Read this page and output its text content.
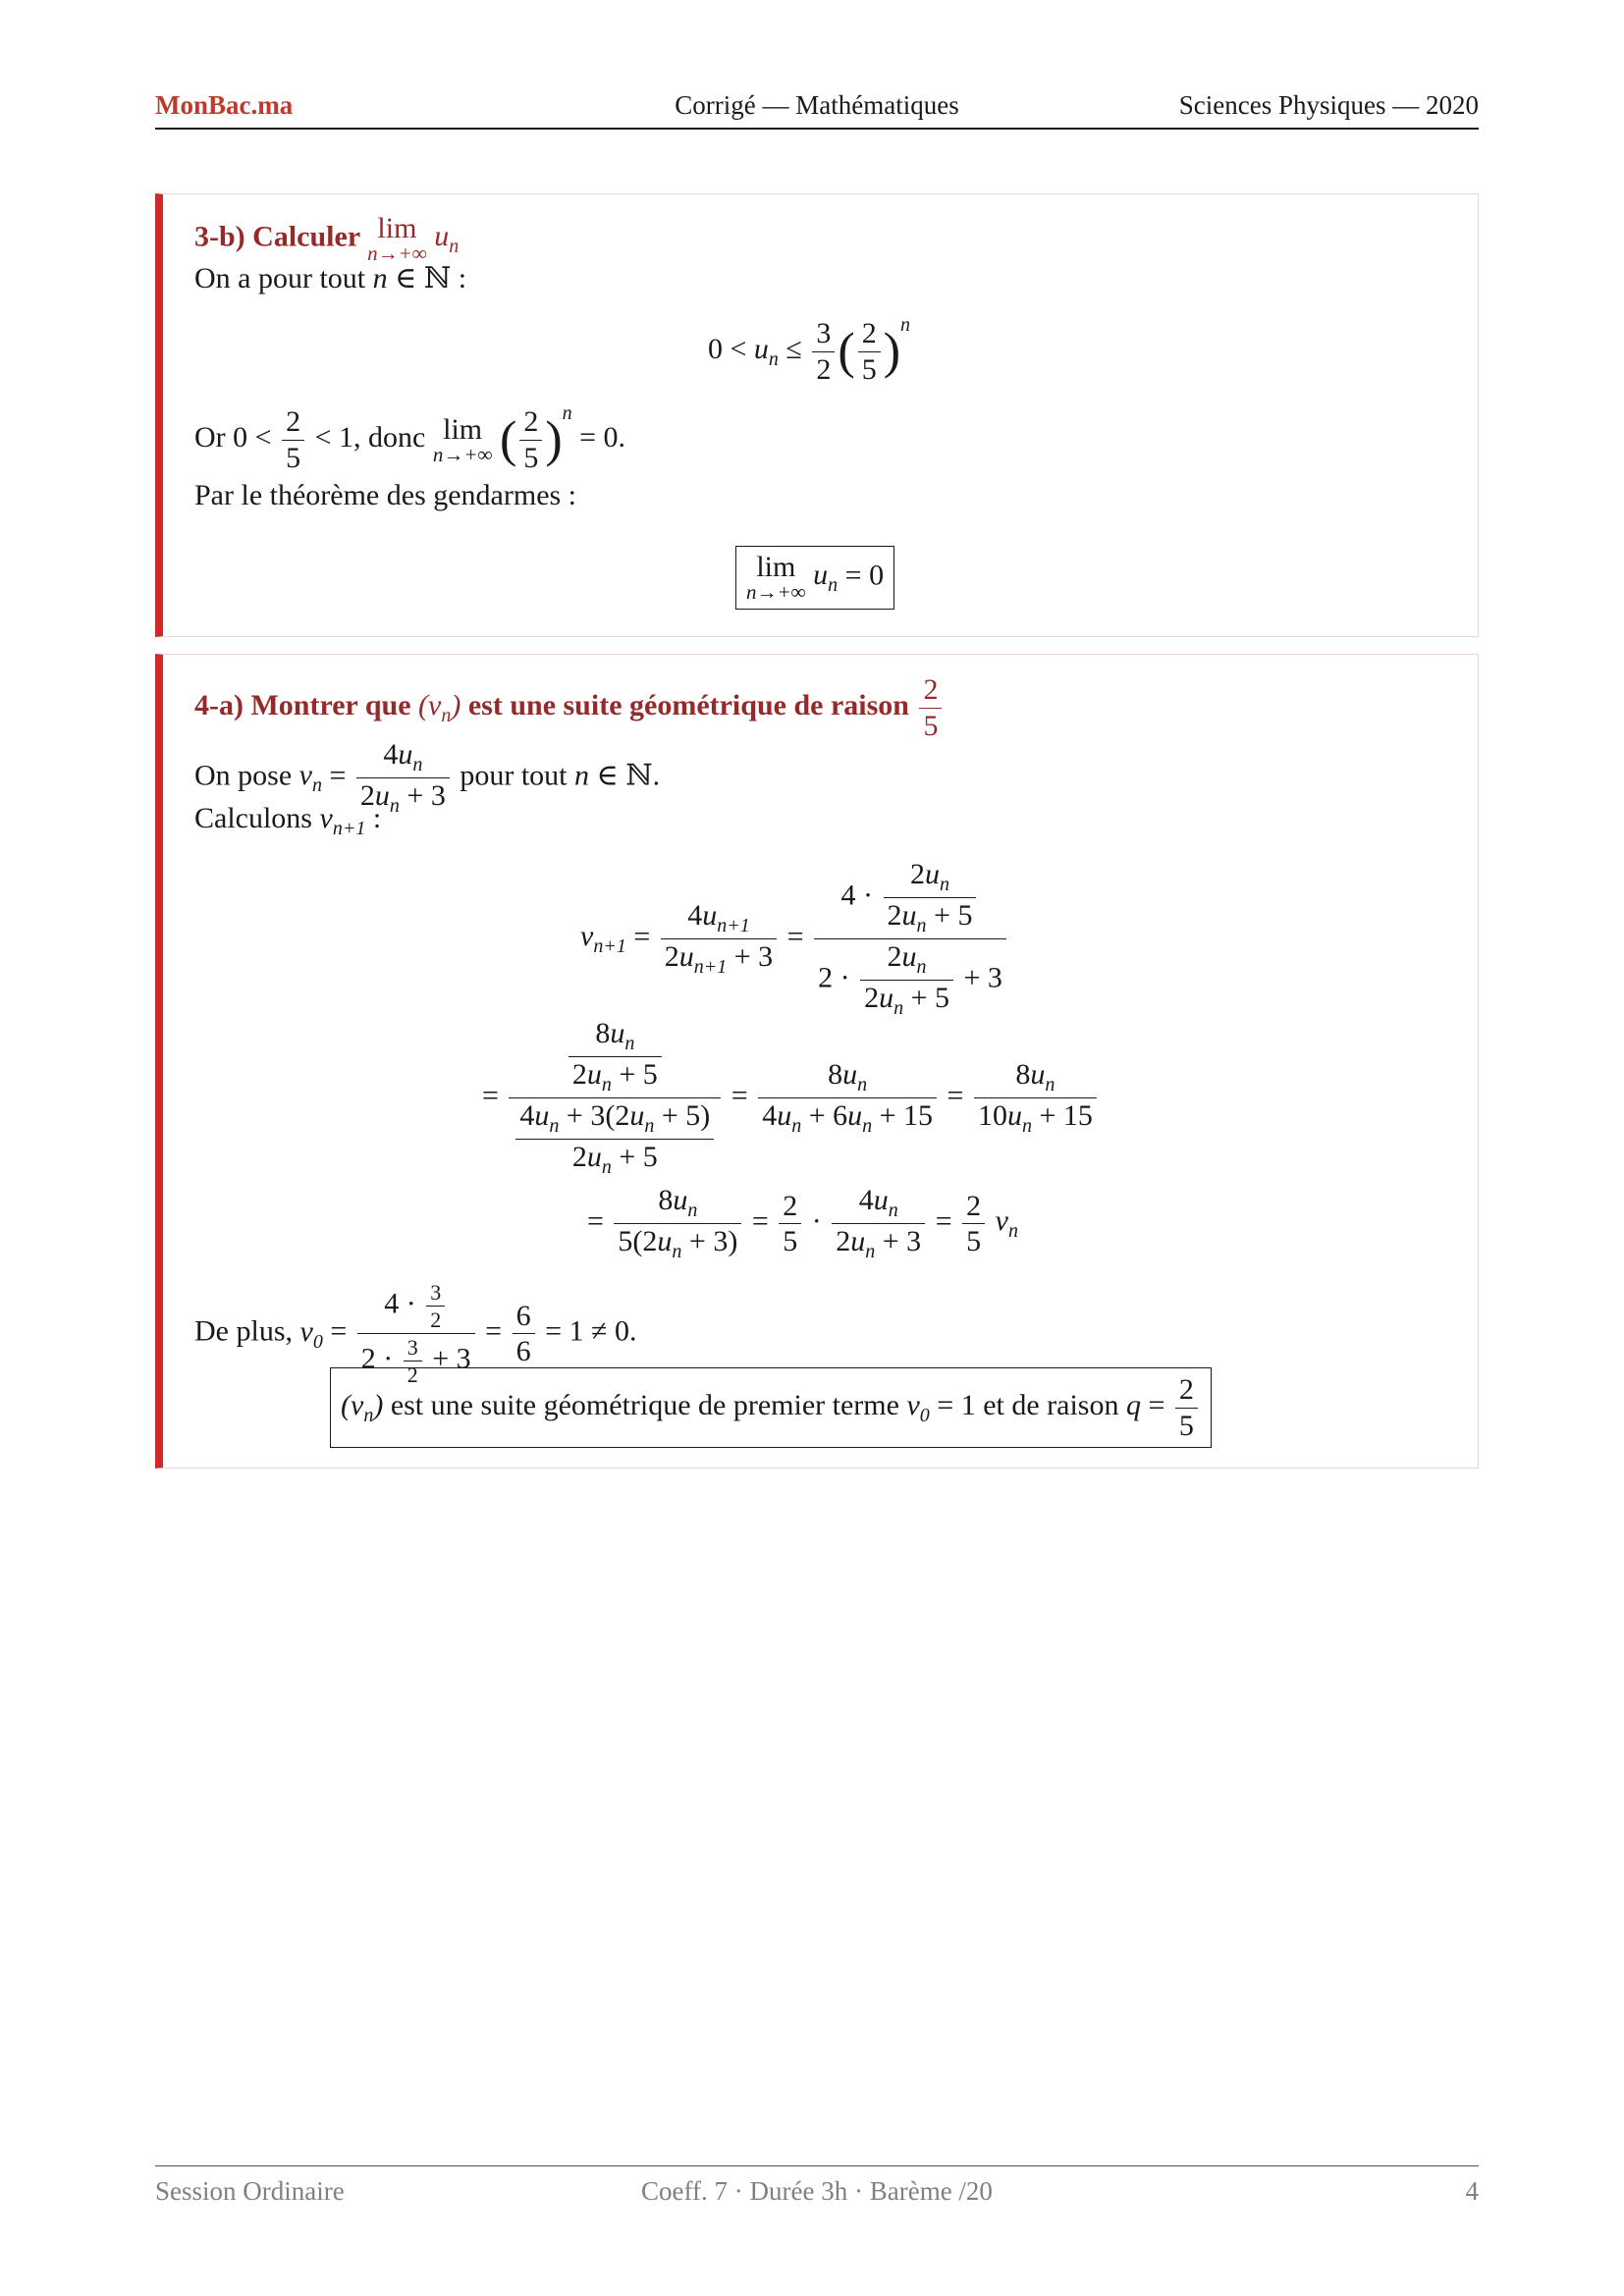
MonBac.ma	Corrigé — Mathématiques	Sciences Physiques — 2020
3-b) Calculer lim
n→+∞
$u_n$
On a pour tout n ∈ ℕ :
$0 < u_n \le \frac{3}{2}$ ( $\frac{2}{5} )^n$
Or $0 < \frac{2}{5} < 1$, donc lim
n→+∞ ( $\frac{2}{5} )^n = 0$.
Par le théorème des gendarmes :
lim
n→+∞
$u_n = 0$
4-a) Montrer que $(v_n)$ est une suite géométrique de raison $\frac{2}{5}$
On pose $v_n = \frac{4u_n}{2u_n + 3}$ pour tout n ∈ ℕ.
Calculons $v_{n+1}$ :
$v_{n+1} = \frac{4u_{n+1}}{2u_{n+1} + 3} = \frac{4 \cdot \frac{2u_n}{2u_n + 5}}{2 \cdot \frac{2u_n}{2u_n + 5} + 3}$
= $\frac{\frac{8u_n}{2u_n + 5}}{\frac{4u_n + 3(2u_n + 5)}{2u_n + 5}} = \frac{8u_n}{4u_n + 6u_n + 15} = \frac{8u_n}{10u_n + 15}$
= $\frac{8u_n}{5(2u_n + 3)} = \frac{2}{5} \cdot \frac{4u_n}{2u_n + 3} = \frac{2}{5} v_n$
De plus, $v_0 = \frac{4 \cdot \frac{3}{2}}{2 \cdot \frac{3}{2} + 3} = \frac{6}{6} = 1 \ne 0$.
$(v_n)$ est une suite géométrique de premier terme $v_0 = 1$ et de raison $q = \frac{2}{5}$
Session Ordinaire	Coeff. 7 · Durée 3h · Barème /20	4
